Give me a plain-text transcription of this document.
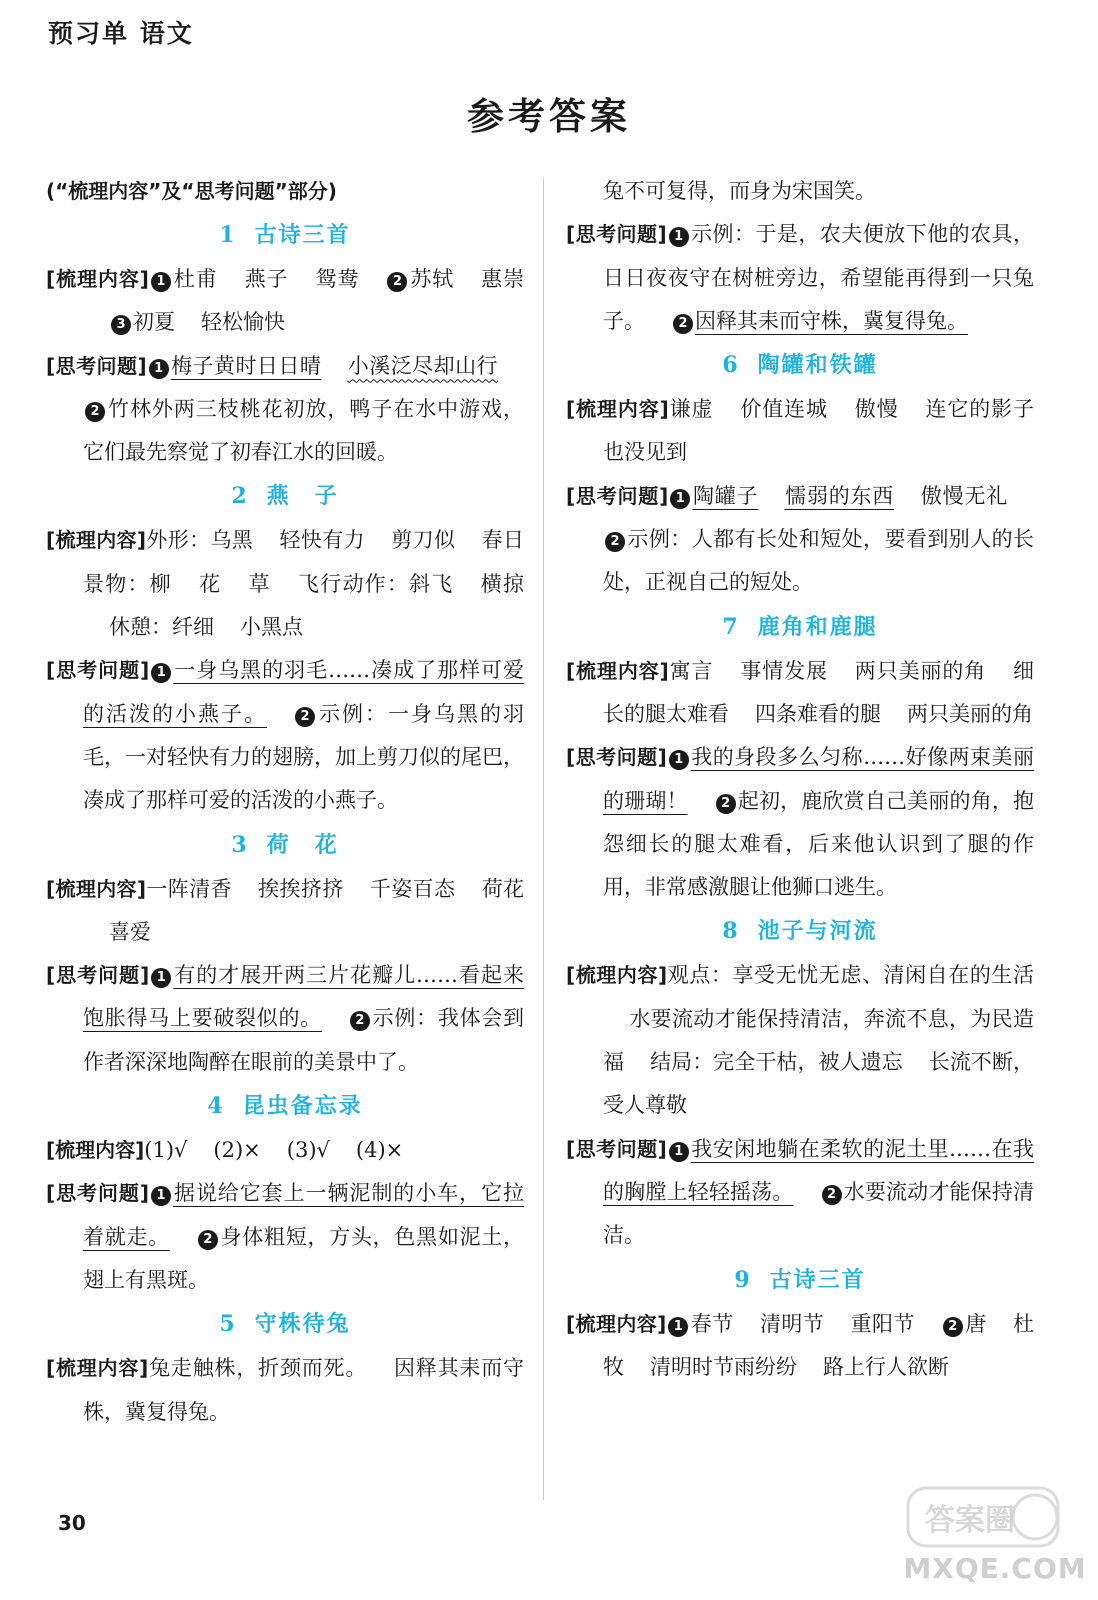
预习单 语文
参考答案
(“梳理内容”及“思考问题”部分)
1 古诗三首

[梳理内容] 1 杜甫 燕子 鸳鸯	2 苏轼 惠崇3 初夏 轻松愉快

[思考问题] 1 梅子黄时日日晴 小溪泛尽却山行2 竹林外两三枝桃花初放，鸭子在水中游戏，它们最先察觉了初春江水的回暖。

2 燕　子

[梳理内容]外形：乌黑 轻快有力 剪刀似 春日景物：柳 花 草 飞行动作：斜飞 横掠休憩：纤细 小黑点

[思考问题] 1 一身乌黑的羽毛……凑成了那样可爱的活泼的小燕子。	2 示例：一身乌黑的羽毛，一对轻快有力的翅膀，加上剪刀似的尾巴，凑成了那样可爱的活泼的小燕子。

3 荷　花

[梳理内容]一阵清香 挨挨挤挤 千姿百态 荷花喜爱

[思考问题] 1 有的才展开两三片花瓣儿……看起来饱胀得马上要破裂似的。	2 示例：我体会到作者深深地陶醉在眼前的美景中了。

4 昆虫备忘录

[梳理内容](1)√ (2)× (3)√ (4)×

[思考问题] 1 据说给它套上一辆泥制的小车，它拉着就走。	2 身体粗短，方头，色黑如泥土，翅上有黑斑。

5 守株待兔

[梳理内容]兔走触株，折颈而死。 因释其耒而守株，冀复得兔。

兔不可复得，而身为宋国笑。

[思考问题] 1 示例：于是，农夫便放下他的农具，日日夜夜守在树桩旁边，希望能再得到一只兔子。	2 因释其耒而守株，冀复得兔。

6 陶罐和铁罐

[梳理内容]谦虚 价值连城 傲慢 连它的影子也没见到

[思考问题] 1 陶罐子 懦弱的东西 傲慢无礼2 示例：人都有长处和短处，要看到别人的长处，正视自己的短处。

7 鹿角和鹿腿

[梳理内容]寓言 事情发展 两只美丽的角 细长的腿太难看 四条难看的腿 两只美丽的角

[思考问题] 1 我的身段多么匀称……好像两束美丽的珊瑚！	2 起初，鹿欣赏自己美丽的角，抱怨细长的腿太难看，后来他认识到了腿的作用，非常感激腿让他狮口逃生。

8 池子与河流

[梳理内容]观点：享受无忧无虑、清闲自在的生活水要流动才能保持清洁，奔流不息，为民造福 结局：完全干枯，被人遗忘 长流不断，受人尊敬

[思考问题] 1 我安闲地躺在柔软的泥土里……在我的胸膛上轻轻摇荡。	2 水要流动才能保持清洁。

9 古诗三首

[梳理内容] 1 春节 清明节 重阳节	2 唐 杜牧 清明时节雨纷纷 路上行人欲断

30	答案圈
MXQE.COM
